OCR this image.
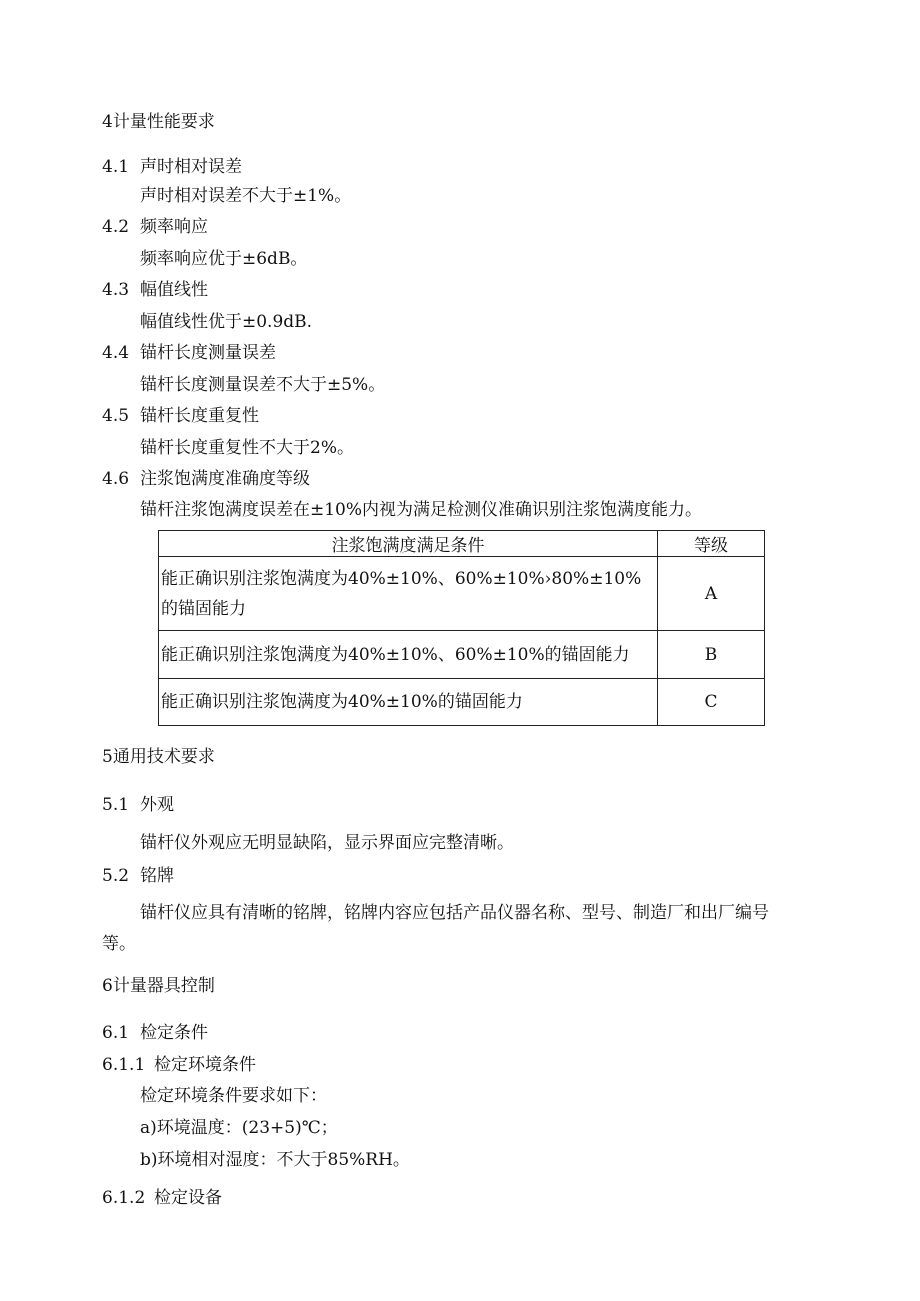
4计量性能要求
4.1 声时相对误差
声时相对误差不大于±1%。
4.2 频率响应
频率响应优于±6dB。
4.3 幅值线性
幅值线性优于±0.9dB.
4.4 锚杆长度测量误差
锚杆长度测量误差不大于±5%。
4.5 锚杆长度重复性
锚杆长度重复性不大于2%。
4.6 注浆饱满度准确度等级
锚杆注浆饱满度误差在±10%内视为满足检测仪准确识别注浆饱满度能力。
注浆饱满度满足条件	等级
能正确识别注浆饱满度为40%±10%、60%±10%›80%±10%
的锚固能力	A
能正确识别注浆饱满度为40%±10%、60%±10%的锚固能力	B
能正确识别注浆饱满度为40%±10%的锚固能力	C
5通用技术要求
5.1 外观
锚杆仪外观应无明显缺陷，显示界面应完整清晰。
5.2 铭牌
锚杆仪应具有清晰的铭牌，铭牌内容应包括产品仪器名称、型号、制造厂和出厂编号
等。
6计量器具控制
6.1 检定条件
6.1.1 检定环境条件
检定环境条件要求如下：
a)环境温度：(23+5)℃；
b)环境相对湿度：不大于85%RH。
6.1.2 检定设备
